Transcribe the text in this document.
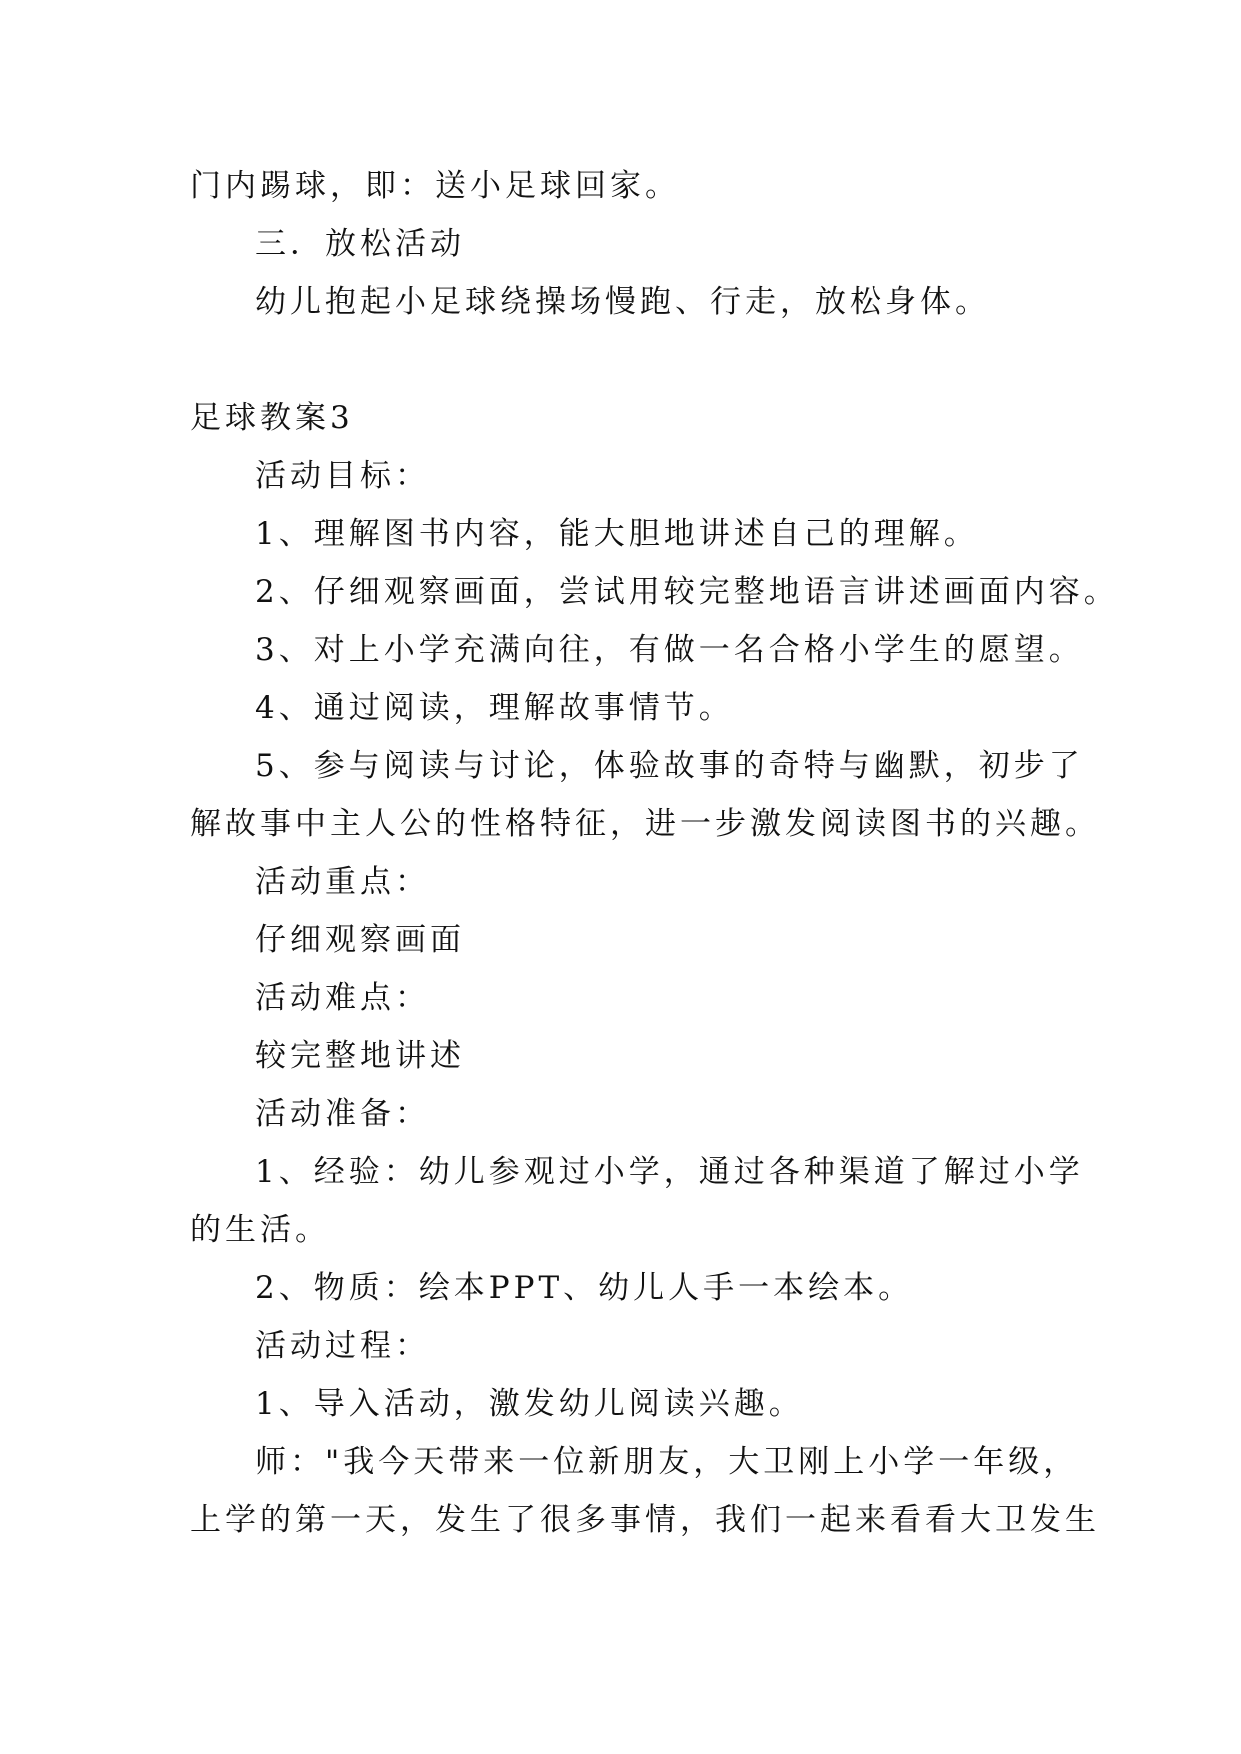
门内踢球，即：送小足球回家。
三．放松活动
幼儿抱起小足球绕操场慢跑、行走，放松身体。
足球教案3
活动目标：
1、理解图书内容，能大胆地讲述自己的理解。
2、仔细观察画面，尝试用较完整地语言讲述画面内容。
3、对上小学充满向往，有做一名合格小学生的愿望。
4、通过阅读，理解故事情节。
5、参与阅读与讨论，体验故事的奇特与幽默，初步了
解故事中主人公的性格特征，进一步激发阅读图书的兴趣。
活动重点：
仔细观察画面
活动难点：
较完整地讲述
活动准备：
1、经验：幼儿参观过小学，通过各种渠道了解过小学
的生活。
2、物质：绘本PPT、幼儿人手一本绘本。
活动过程：
1、导入活动，激发幼儿阅读兴趣。
师："我今天带来一位新朋友，大卫刚上小学一年级，
上学的第一天，发生了很多事情，我们一起来看看大卫发生
